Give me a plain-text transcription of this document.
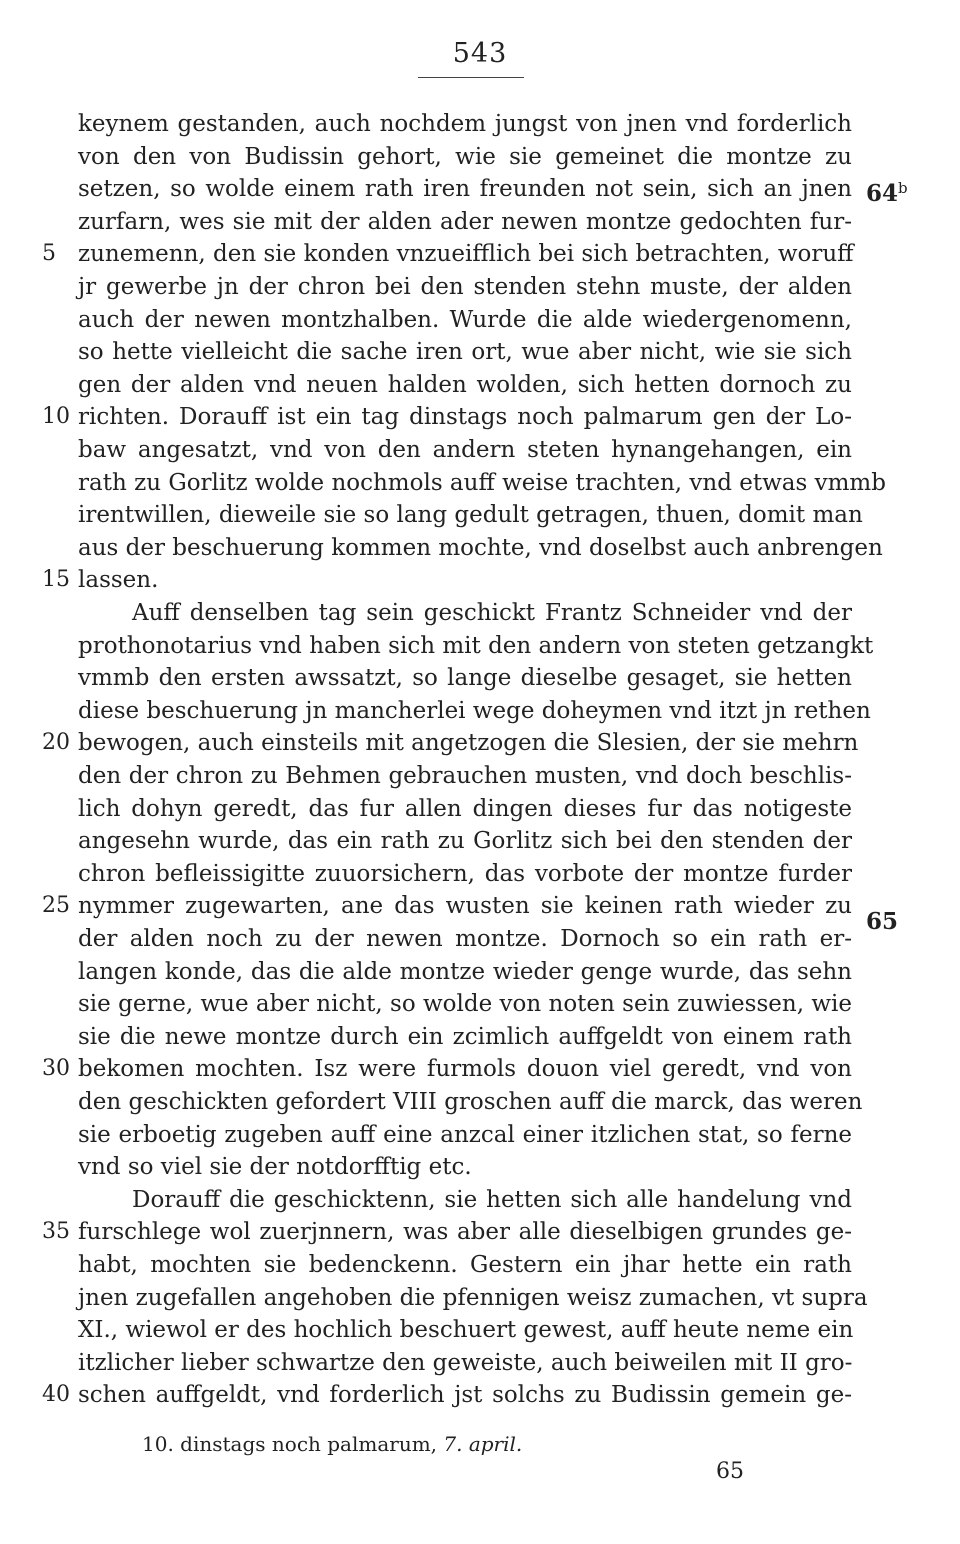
543
keynem gestanden, auch nochdem jungst von jnen vnd forderlich
von den von Budissin gehort, wie sie gemeinet die montze zu
setzen, so wolde einem rath iren freunden not sein, sich an jnen
zurfarn, wes sie mit der alden ader newen montze gedochten fur-
zunemenn, den sie konden vnzueifflich bei sich betrachten, woruff
5
jr gewerbe jn der chron bei den stenden stehn muste, der alden
auch der newen montzhalben. Wurde die alde wiedergenomenn,
so hette vielleicht die sache iren ort, wue aber nicht, wie sie sich
gen der alden vnd neuen halden wolden, sich hetten dornoch zu
richten. Dorauff ist ein tag dinstags noch palmarum gen der Lo-
10
baw angesatzt, vnd von den andern steten hynangehangen, ein
rath zu Gorlitz wolde nochmols auff weise trachten, vnd etwas vmmb
irentwillen, dieweile sie so lang gedult getragen, thuen, domit man
aus der beschuerung kommen mochte, vnd doselbst auch anbrengen
lassen.
15
Auff denselben tag sein geschickt Frantz Schneider vnd der
prothonotarius vnd haben sich mit den andern von steten getzangkt
vmmb den ersten awssatzt, so lange dieselbe gesaget, sie hetten
diese beschuerung jn mancherlei wege doheymen vnd itzt jn rethen
bewogen, auch einsteils mit angetzogen die Slesien, der sie mehrn
20
den der chron zu Behmen gebrauchen musten, vnd doch beschlis-
lich dohyn geredt, das fur allen dingen dieses fur das notigeste
angesehn wurde, das ein rath zu Gorlitz sich bei den stenden der
chron befleissigitte zuuorsichern, das vorbote der montze furder
nymmer zugewarten, ane das wusten sie keinen rath wieder zu
25
der alden noch zu der newen montze. Dornoch so ein rath er-
langen konde, das die alde montze wieder genge wurde, das sehn
sie gerne, wue aber nicht, so wolde von noten sein zuwiessen, wie
sie die newe montze durch ein zcimlich auffgeldt von einem rath
bekomen mochten. Isz were furmols douon viel geredt, vnd von
30
den geschickten gefordert VIII groschen auff die marck, das weren
sie erboetig zugeben auff eine anzcal einer itzlichen stat, so ferne
vnd so viel sie der notdorfftig etc.
Dorauff die geschicktenn, sie hetten sich alle handelung vnd
furschlege wol zuerjnnern, was aber alle dieselbigen grundes ge-
35
habt, mochten sie bedenckenn. Gestern ein jhar hette ein rath
jnen zugefallen angehoben die pfennigen weisz zumachen, vt supra
XI., wiewol er des hochlich beschuert gewest, auff heute neme ein
itzlicher lieber schwartze den geweiste, auch beiweilen mit II gro-
schen auffgeldt, vnd forderlich jst solchs zu Budissin gemein ge-
40
64$^b$
65
10. dinstags noch palmarum, 7. april.
65
